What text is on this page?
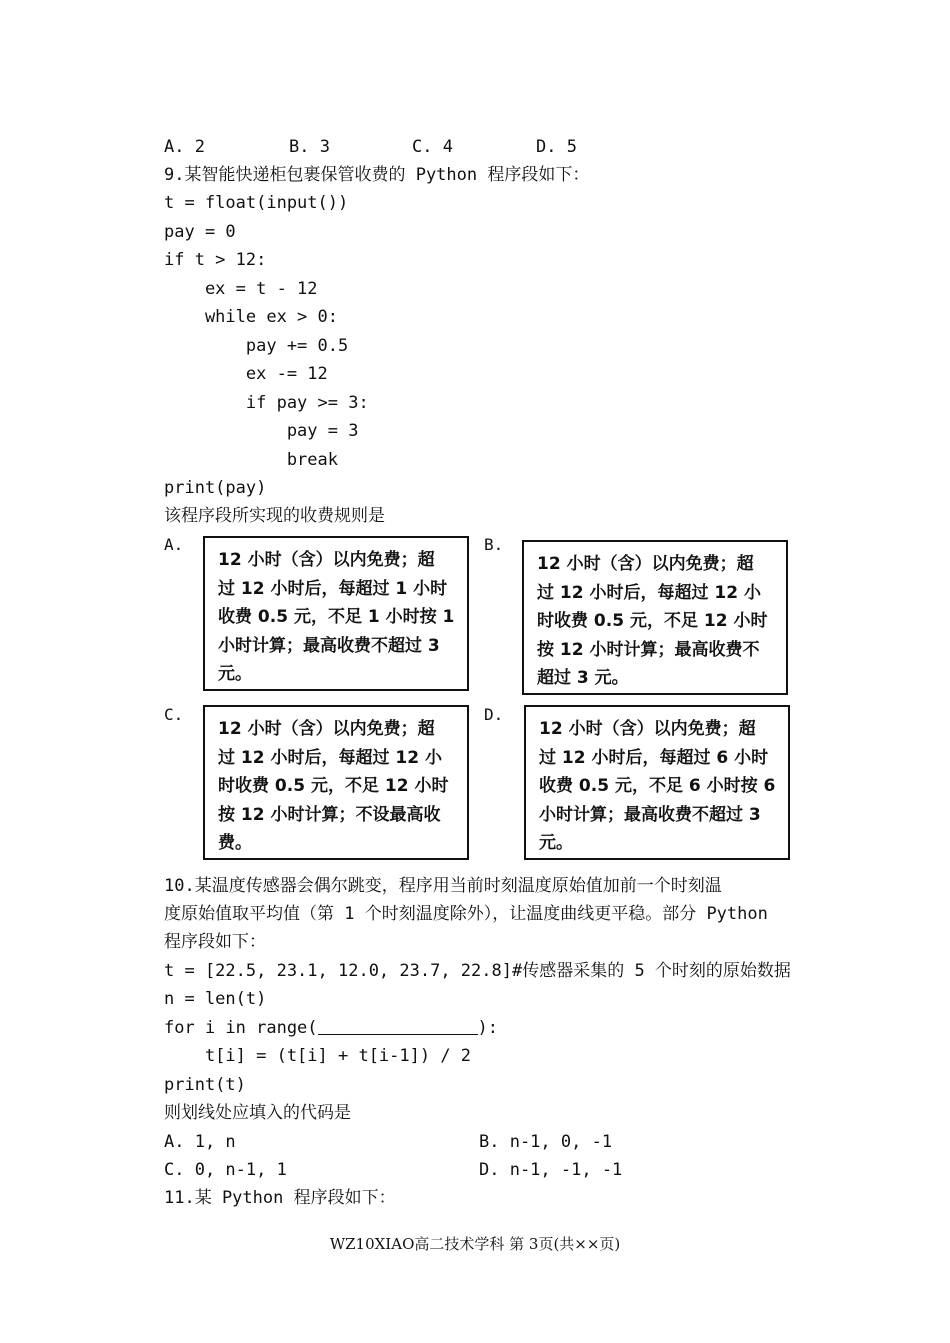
A. 2	B. 3	C. 4	D. 5
9.某智能快递柜包裹保管收费的 Python 程序段如下：
t = float(input())
pay = 0
if t > 12:
ex = t - 12
while ex > 0:
pay += 0.5
ex -= 12
if pay >= 3:
pay = 3
break
print(pay)
该程序段所实现的收费规则是
A.
12 小时（含）以内免费；超
过 12 小时后，每超过 1 小时
收费 0.5 元，不足 1 小时按 1
小时计算；最高收费不超过 3
元。
B.
12 小时（含）以内免费；超
过 12 小时后，每超过 12 小
时收费 0.5 元，不足 12 小时
按 12 小时计算；最高收费不
超过 3 元。
C.
12 小时（含）以内免费；超
过 12 小时后，每超过 12 小
时收费 0.5 元，不足 12 小时
按 12 小时计算；不设最高收
费。
D.
12 小时（含）以内免费；超
过 12 小时后，每超过 6 小时
收费 0.5 元，不足 6 小时按 6
小时计算；最高收费不超过 3
元。
10.某温度传感器会偶尔跳变，程序用当前时刻温度原始值加前一个时刻温
度原始值取平均值（第 1 个时刻温度除外），让温度曲线更平稳。部分 Python
程序段如下：
t = [22.5, 23.1, 12.0, 23.7, 22.8]#传感器采集的 5 个时刻的原始数据
n = len(t)
for i in range(	):
t[i] = (t[i] + t[i-1]) / 2
print(t)
则划线处应填入的代码是
A. 1, n	B. n-1, 0, -1
C. 0, n-1, 1	D. n-1, -1, -1
11.某 Python 程序段如下：
WZ10XIAO高二技术学科 第 3页(共××页)
